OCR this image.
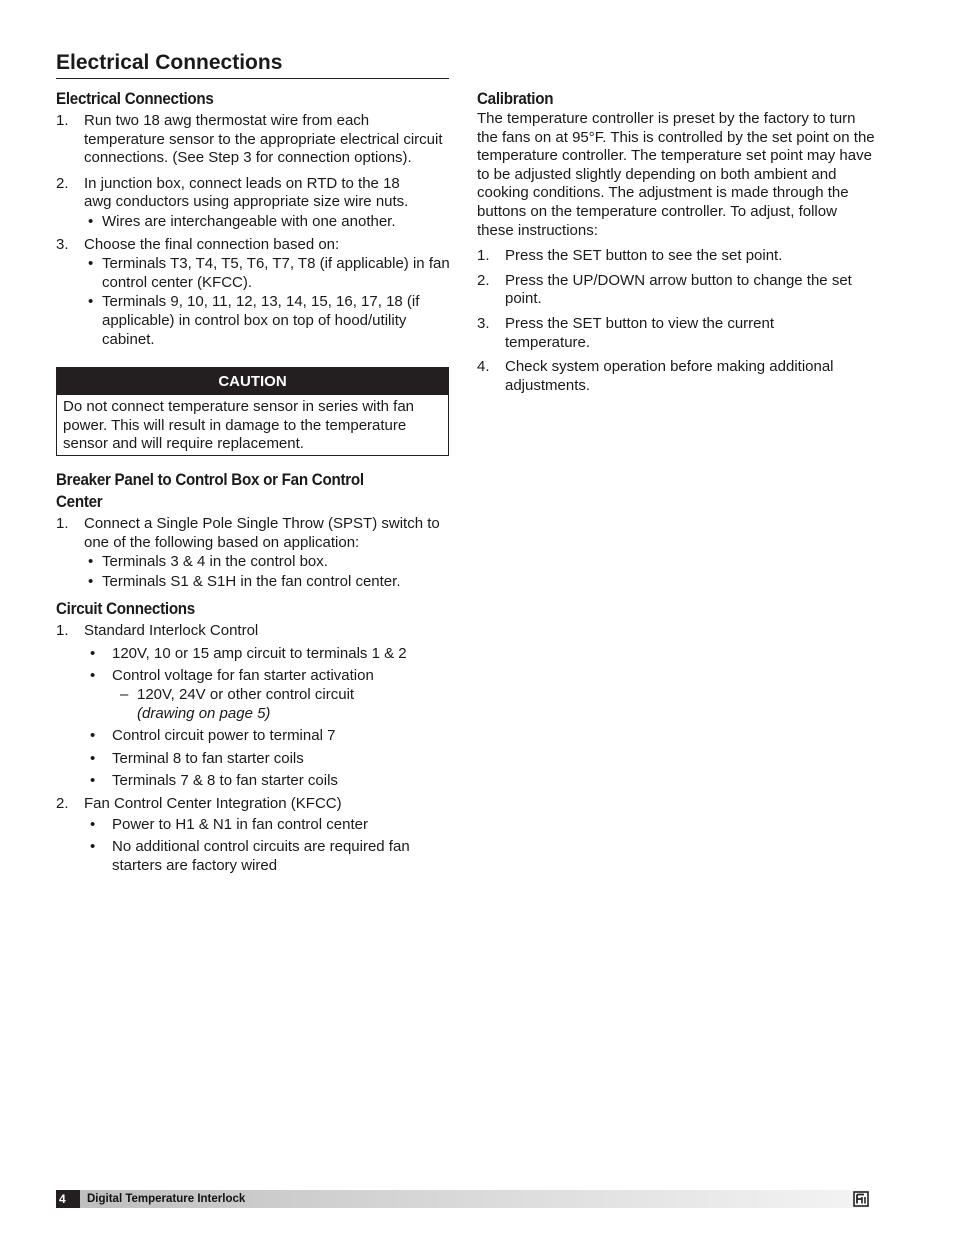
Electrical Connections
Electrical Connections
1. Run two 18 awg thermostat wire from each temperature sensor to the appropriate electrical circuit connections. (See Step 3 for connection options).

2. In junction box, connect leads on RTD to the 18 awg conductors using appropriate size wire nuts.

• Wires are interchangeable with one another.
3. Choose the final connection based on:

• Terminals T3, T4, T5, T6, T7, T8 (if applicable) in fan control center (KFCC).
• Terminals 9, 10, 11, 12, 13, 14, 15, 16, 17, 18 (if applicable) in control box on top of hood/utility cabinet.
CAUTION
Do not connect temperature sensor in series with fan power. This will result in damage to the temperature sensor and will require replacement.
Breaker Panel to Control Box or Fan Control Center
1. Connect a Single Pole Single Throw (SPST) switch to one of the following based on application:

• Terminals 3 & 4 in the control box.
• Terminals S1 & S1H in the fan control center.
Circuit Connections
1. Standard Interlock Control

• 120V, 10 or 15 amp circuit to terminals 1 & 2
• Control voltage for fan starter activation
– 120V, 24V or other control circuit
(drawing on page 5)
• Control circuit power to terminal 7
• Terminal 8 to fan starter coils
• Terminals 7 & 8 to fan starter coils
2. Fan Control Center Integration (KFCC)

• Power to H1 & N1 in fan control center
• No additional control circuits are required fan starters are factory wired
Calibration

The temperature controller is preset by the factory to turn the fans on at 95°F. This is controlled by the set point on the temperature controller. The temperature set point may have to be adjusted slightly depending on both ambient and cooking conditions. The adjustment is made through the buttons on the temperature controller. To adjust, follow these instructions:

1. Press the SET button to see the set point.

2. Press the UP/DOWN arrow button to change the set point.

3. Press the SET button to view the current temperature.

4. Check system operation before making additional adjustments.

4	Digital Temperature Interlock
